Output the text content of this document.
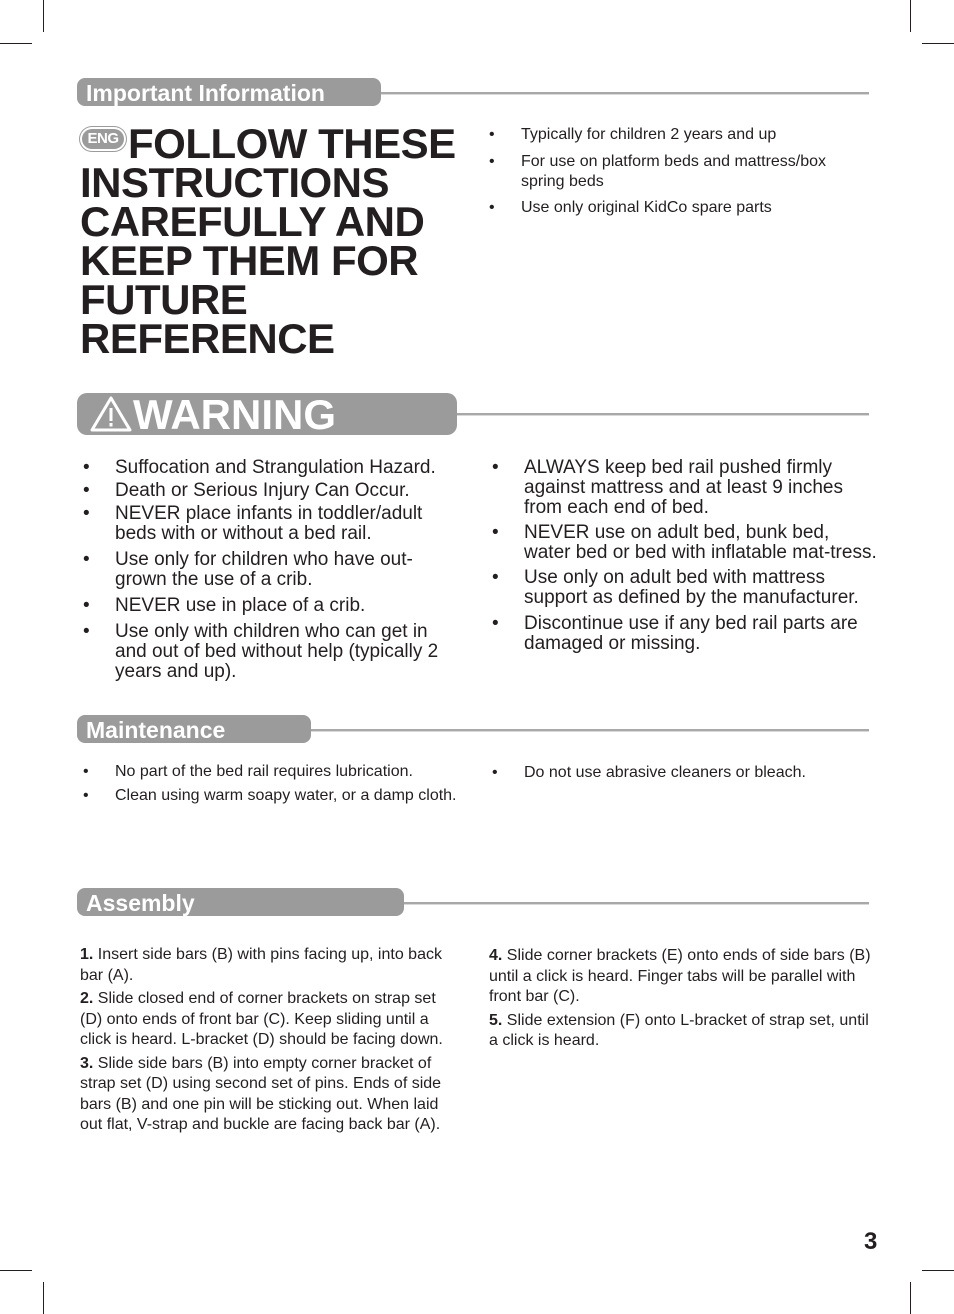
Important Information
ENG FOLLOW THESE INSTRUCTIONS CAREFULLY AND KEEP THEM FOR FUTURE REFERENCE
• Typically for children 2 years and up
• For use on platform beds and mattress/box spring beds
• Use only original KidCo spare parts
WARNING
• Suffocation and Strangulation Hazard.
• Death or Serious Injury Can Occur.
• NEVER place infants in toddler/adult beds with or without a bed rail.
• Use only for children who have out-grown the use of a crib.
• NEVER use in place of a crib.
• Use only with children who can get in and out of bed without help (typically 2 years and up).
• ALWAYS keep bed rail pushed firmly against mattress and at least 9 inches from each end of bed.
• NEVER use on adult bed, bunk bed, water bed or bed with inflatable mat-tress.
• Use only on adult bed with mattress support as defined by the manufacturer.
• Discontinue use if any bed rail parts are damaged or missing.
Maintenance
• No part of the bed rail requires lubrication.
• Clean using warm soapy water, or a damp cloth.
• Do not use abrasive cleaners or bleach.
Assembly

1. Insert side bars (B) with pins facing up, into back bar (A).

2. Slide closed end of corner brackets on strap set (D) onto ends of front bar (C). Keep sliding until a click is heard. L-bracket (D) should be facing down.

3. Slide side bars (B) into empty corner bracket of strap set (D) using second set of pins. Ends of side bars (B) and one pin will be sticking out. When laid out flat, V-strap and buckle are facing back bar (A).

4. Slide corner brackets (E) onto ends of side bars (B) until a click is heard. Finger tabs will be parallel with front bar (C).

5. Slide extension (F) onto L-bracket of strap set, until a click is heard.

3
